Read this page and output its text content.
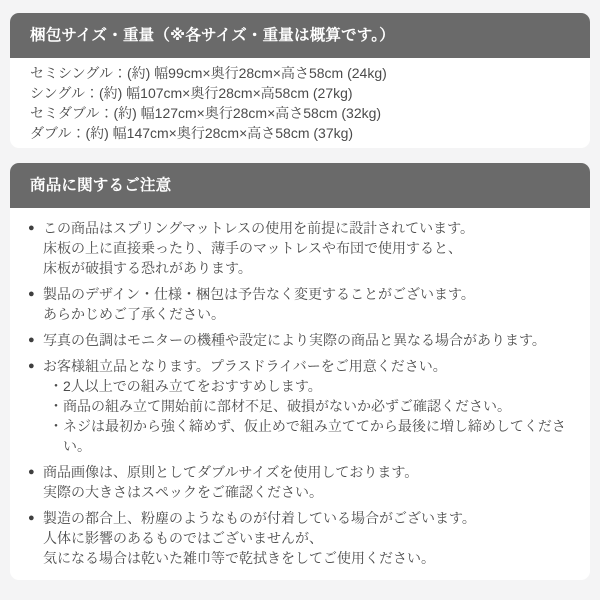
梱包サイズ・重量（※各サイズ・重量は概算です。）
セミシングル：(約) 幅99cm×奥行28cm×高さ58cm (24kg)
シングル：(約) 幅107cm×奥行28cm×高58cm (27kg)
セミダブル：(約) 幅127cm×奥行28cm×高さ58cm (32kg)
ダブル：(約) 幅147cm×奥行28cm×高さ58cm (37kg)
商品に関するご注意
● この商品はスプリングマットレスの使用を前提に設計されています。
床板の上に直接乗ったり、薄手のマットレスや布団で使用すると、
床板が破損する恐れがあります。
● 製品のデザイン・仕様・梱包は予告なく変更することがございます。
あらかじめご了承ください。
● 写真の色調はモニターの機種や設定により実際の商品と異なる場合があります。
● お客様組立品となります。プラスドライバーをご用意ください。
・ 2人以上での組み立てをおすすめします。
・ 商品の組み立て開始前に部材不足、破損がないか必ずご確認ください。
・ ネジは最初から強く締めず、仮止めで組み立ててから最後に増し締めしてください。
● 商品画像は、原則としてダブルサイズを使用しております。
実際の大きさはスペックをご確認ください。
● 製造の都合上、粉塵のようなものが付着している場合がございます。
人体に影響のあるものではございませんが、
気になる場合は乾いた雑巾等で乾拭きをしてご使用ください。
